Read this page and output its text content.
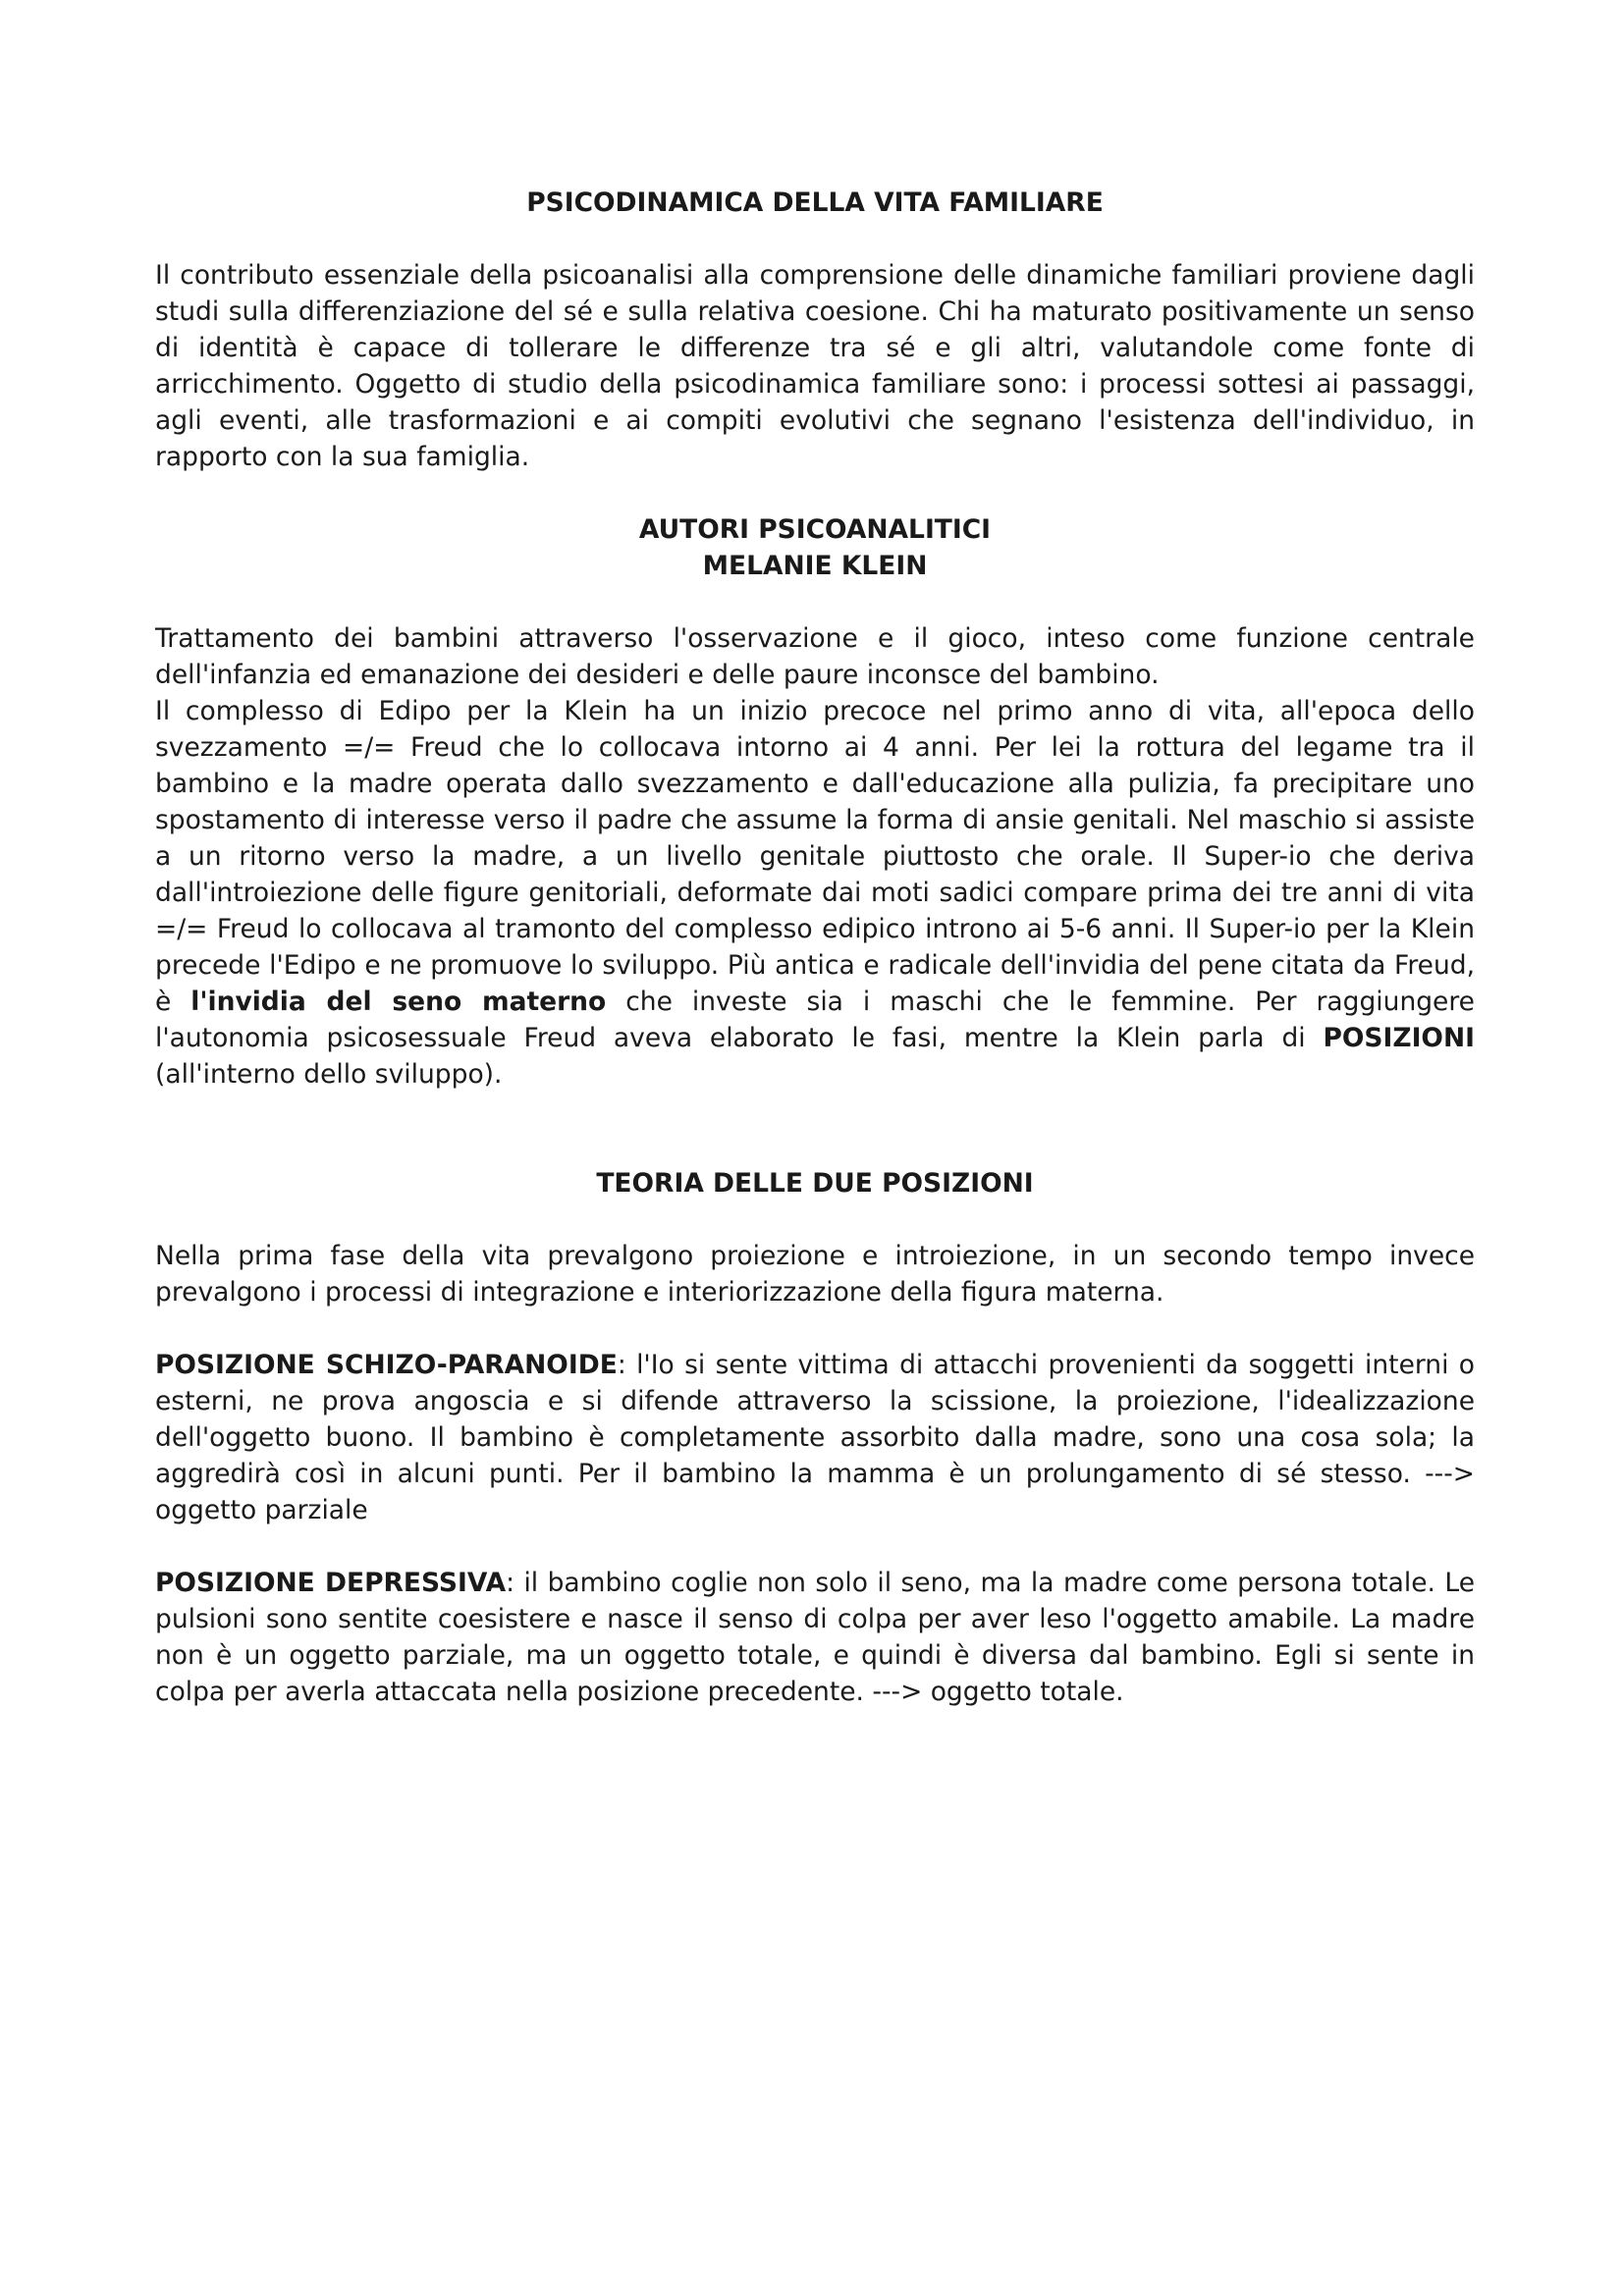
PSICODINAMICA DELLA VITA FAMILIARE

Il contributo essenziale della psicoanalisi alla comprensione delle dinamiche familiari proviene dagli studi sulla differenziazione del sé e sulla relativa coesione. Chi ha maturato positivamente un senso di identità è capace di tollerare le differenze tra sé e gli altri, valutandole come fonte di arricchimento. Oggetto di studio della psicodinamica familiare sono: i processi sottesi ai passaggi, agli eventi, alle trasformazioni e ai compiti evolutivi che segnano l'esistenza dell'individuo, in rapporto con la sua famiglia.

AUTORI PSICOANALITICI

MELANIE KLEIN

Trattamento dei bambini attraverso l'osservazione e il gioco, inteso come funzione centrale dell'infanzia ed emanazione dei desideri e delle paure inconsce del bambino.

Il complesso di Edipo per la Klein ha un inizio precoce nel primo anno di vita, all'epoca dello svezzamento =/= Freud che lo collocava intorno ai 4 anni. Per lei la rottura del legame tra il bambino e la madre operata dallo svezzamento e dall'educazione alla pulizia, fa precipitare uno spostamento di interesse verso il padre che assume la forma di ansie genitali. Nel maschio si assiste a un ritorno verso la madre, a un livello genitale piuttosto che orale. Il Super-io che deriva dall'introiezione delle figure genitoriali, deformate dai moti sadici compare prima dei tre anni di vita =/= Freud lo collocava al tramonto del complesso edipico introno ai 5-6 anni. Il Super-io per la Klein precede l'Edipo e ne promuove lo sviluppo. Più antica e radicale dell'invidia del pene citata da Freud, è l'invidia del seno materno che investe sia i maschi che le femmine. Per raggiungere l'autonomia psicosessuale Freud aveva elaborato le fasi, mentre la Klein parla di POSIZIONI (all'interno dello sviluppo).

TEORIA DELLE DUE POSIZIONI

Nella prima fase della vita prevalgono proiezione e introiezione, in un secondo tempo invece prevalgono i processi di integrazione e interiorizzazione della figura materna.

POSIZIONE SCHIZO-PARANOIDE: l'Io si sente vittima di attacchi provenienti da soggetti interni o esterni, ne prova angoscia e si difende attraverso la scissione, la proiezione, l'idealizzazione dell'oggetto buono. Il bambino è completamente assorbito dalla madre, sono una cosa sola; la aggredirà così in alcuni punti. Per il bambino la mamma è un prolungamento di sé stesso. ---> oggetto parziale

POSIZIONE DEPRESSIVA: il bambino coglie non solo il seno, ma la madre come persona totale. Le pulsioni sono sentite coesistere e nasce il senso di colpa per aver leso l'oggetto amabile. La madre non è un oggetto parziale, ma un oggetto totale, e quindi è diversa dal bambino. Egli si sente in colpa per averla attaccata nella posizione precedente. ---> oggetto totale.
